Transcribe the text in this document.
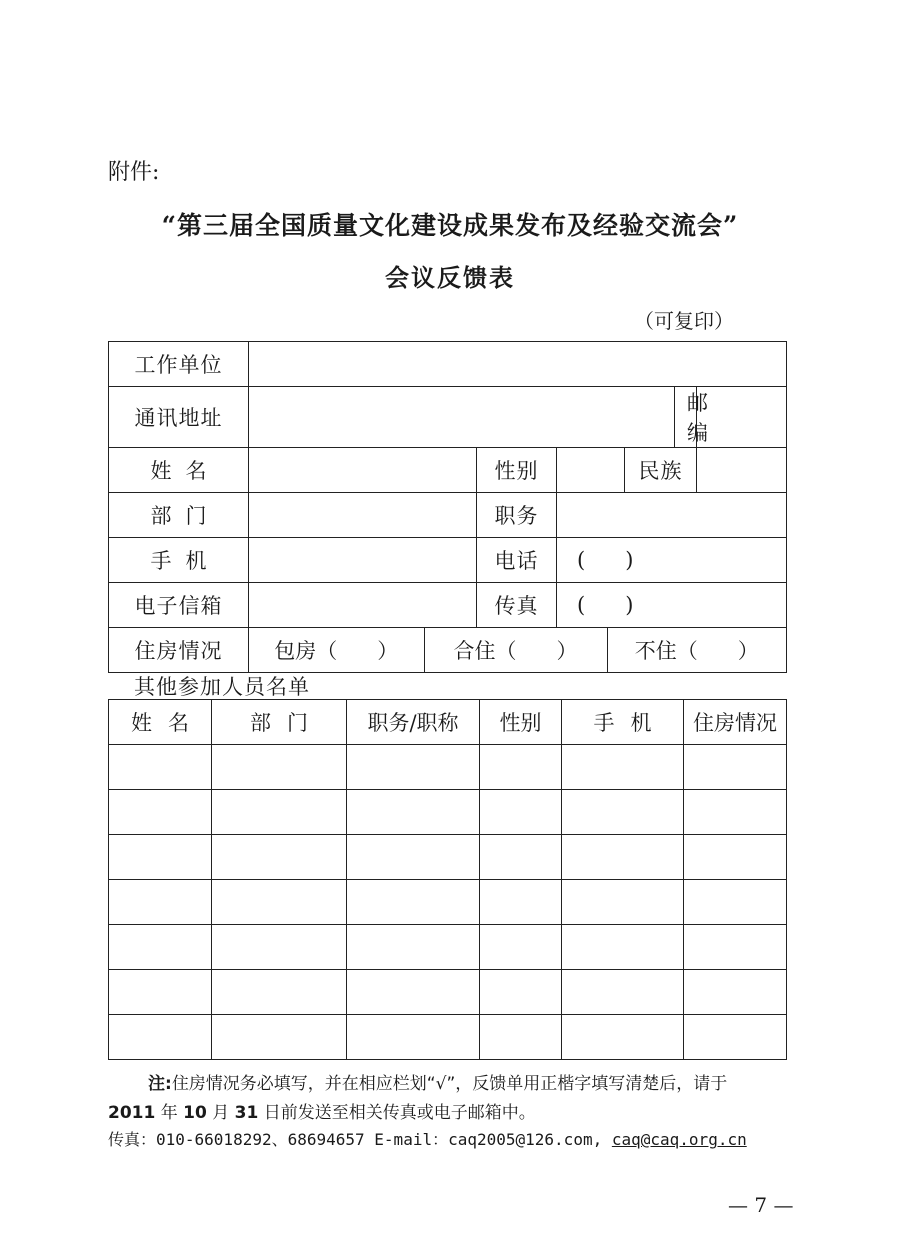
附件:
“第三届全国质量文化建设成果发布及经验交流会”
会议反馈表
（可复印）
工作单位	
通讯地址		邮编	
姓名		性别		民族	
部门		职务	
手机		电话	( )
电子信箱		传真	( )
住房情况	包房（ ）	合住（ ）	不住（ ）
其他参加人员名单
姓名	部门	职务/职称	性别	手机	住房情况

注:住房情况务必填写，并在相应栏划“√”，反馈单用正楷字填写清楚后，请于
2011 年 10 月 31 日前发送至相关传真或电子邮箱中。
传真：010-66018292、68694657 E-mail：caq2005@126.com, caq@caq.org.cn
— 7 —
